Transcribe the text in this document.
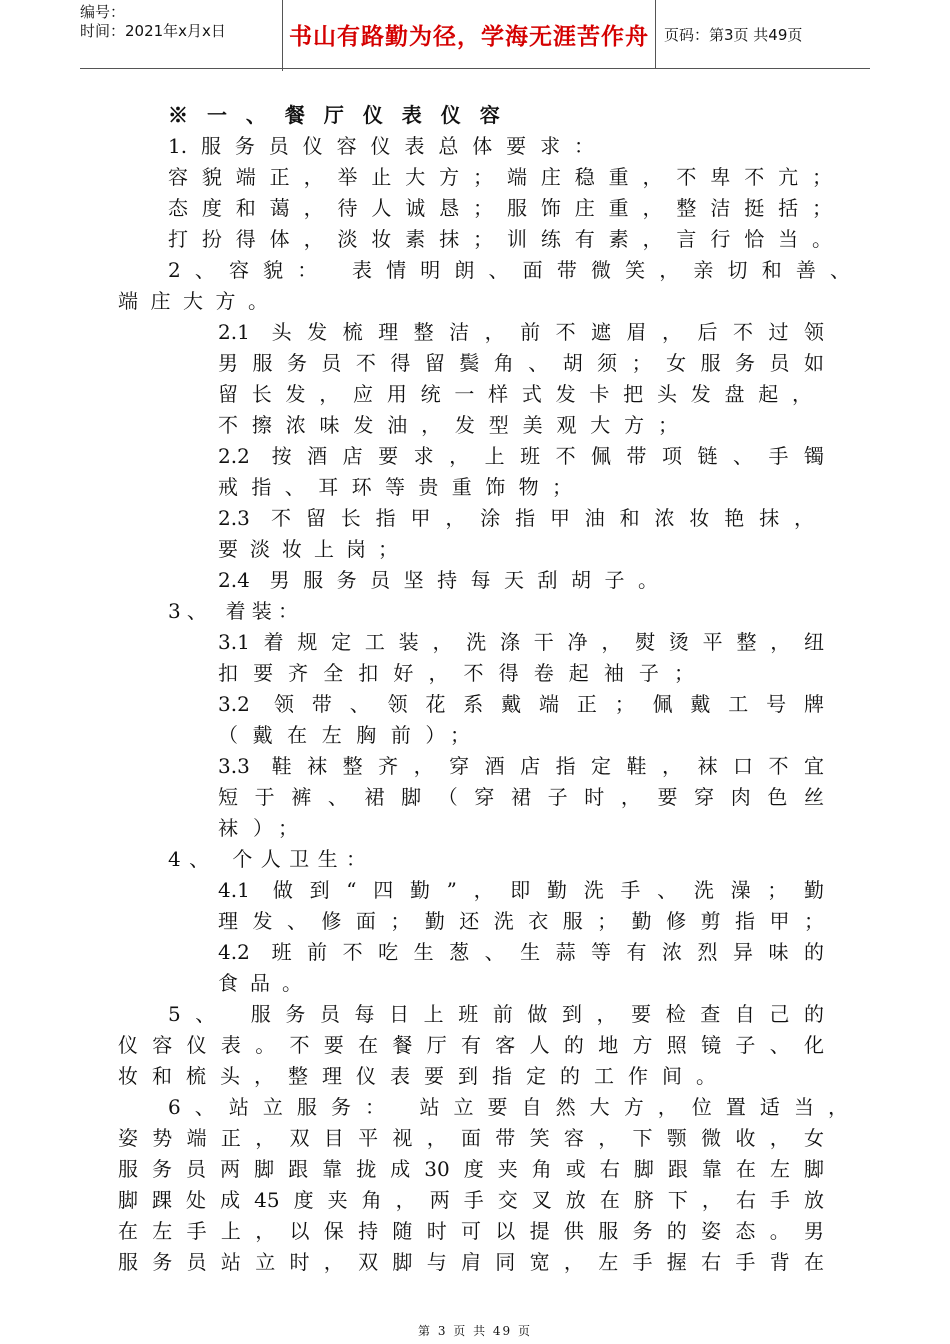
编号：
时间：2021年x月x日	书山有路勤为径，学海无涯苦作舟	页码：第3页 共49页
※ 一 、 餐 厅 仪 表 仪 容
1.服务员仪容仪表总体要求：
容貌端正，举止大方；端庄稳重，不卑不亢；
态度和蔼，待人诚恳；服饰庄重，整洁挺括；
打扮得体，淡妆素抹；训练有素，言行恰当。
2、容貌： 表情明朗、面带微笑，亲切和善、
端庄大方。
2.1 头发梳理整洁，前不遮眉，后不过领
男服务员不得留鬓角、胡须；女服务员如
留长发，应用统一样式发卡把头发盘起，
不擦浓味发油，发型美观大方；
2.2 按酒店要求，上班不佩带项链、手镯
戒指、耳环等贵重饰物；
2.3 不留长指甲，涂指甲油和浓妆艳抹，
要淡妆上岗；
2.4 男服务员坚持每天刮胡子。
3、 着装：
3.1着规定工装，洗涤干净，熨烫平整，纽
扣要齐全扣好，不得卷起袖子；
3.2 领带、领花系戴端正；佩戴工号牌
（戴在左胸前）；
3.3 鞋袜整齐，穿酒店指定鞋，袜口不宜
短于裤、裙脚（穿裙子时，要穿肉色丝
袜）；
4、 个人卫生：
4.1 做到“四勤”，即勤洗手、洗澡；勤
理发、修面；勤还洗衣服；勤修剪指甲；
4.2 班前不吃生葱、生蒜等有浓烈异味的
食品。
5、 服务员每日上班前做到，要检查自己的
仪容仪表。不要在餐厅有客人的地方照镜子、化
妆和梳头，整理仪表要到指定的工作间。
6、站立服务： 站立要自然大方，位置适当，
姿势端正，双目平视，面带笑容，下颚微收，女
服务员两脚跟靠拢成30度夹角或右脚跟靠在左脚
脚踝处成45度夹角，两手交叉放在脐下，右手放
在左手上，以保持随时可以提供服务的姿态。男
服务员站立时，双脚与肩同宽，左手握右手背在
第 3 页 共 49 页
